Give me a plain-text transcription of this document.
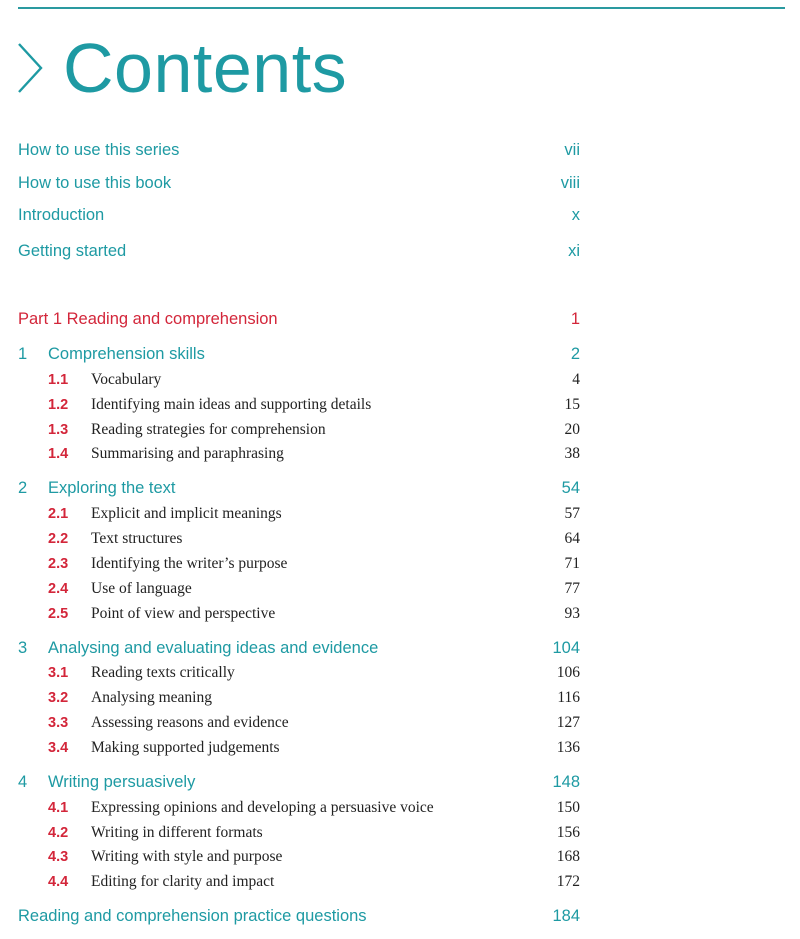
Contents
How to use this series	vii
How to use this book	viii
Introduction	x
Getting started	xi
Part 1 Reading and comprehension	1
1 Comprehension skills	2
1.1 Vocabulary	4
1.2 Identifying main ideas and supporting details	15
1.3 Reading strategies for comprehension	20
1.4 Summarising and paraphrasing	38
2 Exploring the text	54
2.1 Explicit and implicit meanings	57
2.2 Text structures	64
2.3 Identifying the writer’s purpose	71
2.4 Use of language	77
2.5 Point of view and perspective	93
3 Analysing and evaluating ideas and evidence	104
3.1 Reading texts critically	106
3.2 Analysing meaning	116
3.3 Assessing reasons and evidence	127
3.4 Making supported judgements	136
4 Writing persuasively	148
4.1 Expressing opinions and developing a persuasive voice	150
4.2 Writing in different formats	156
4.3 Writing with style and purpose	168
4.4 Editing for clarity and impact	172
Reading and comprehension practice questions	184
